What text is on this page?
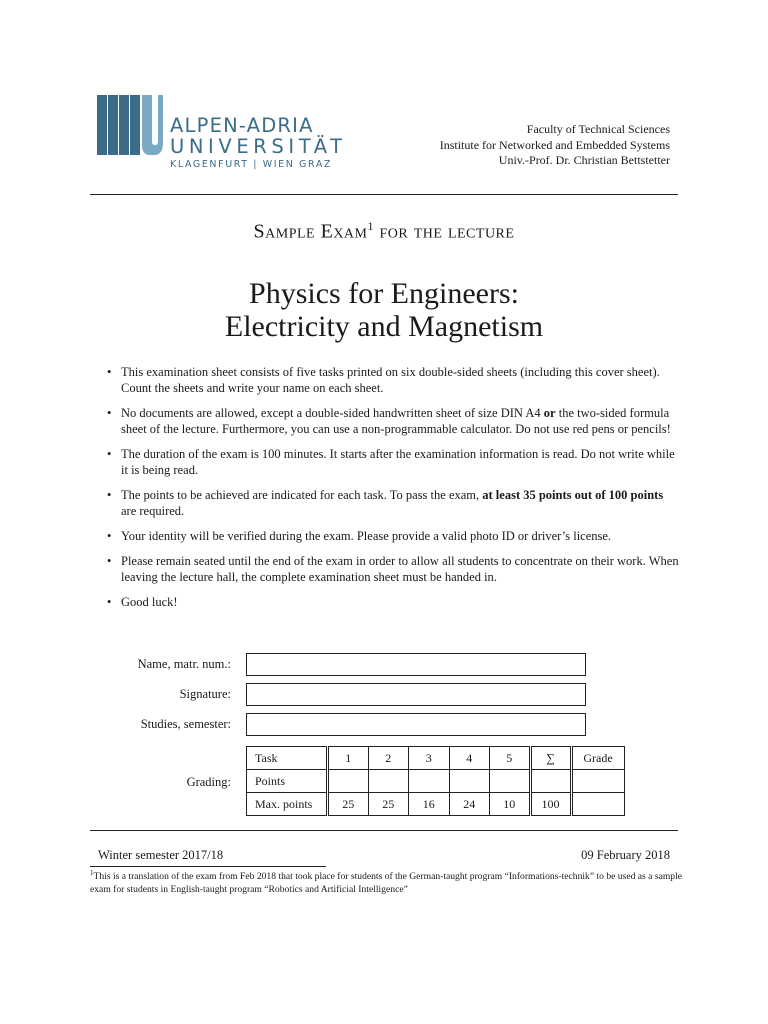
ALPEN-ADRIA
UNIVERSITÄT
KLAGENFURT | WIEN GRAZ
Faculty of Technical Sciences
Institute for Networked and Embedded Systems
Univ.-Prof. Dr. Christian Bettstetter
Sample Exam$^1$ for the lecture
Physics for Engineers:
Electricity and Magnetism
• This examination sheet consists of five tasks printed on six double-sided sheets (including this cover sheet). Count the sheets and write your name on each sheet.
• No documents are allowed, except a double-sided handwritten sheet of size DIN A4 or the two-sided formula sheet of the lecture. Furthermore, you can use a non-programmable calculator. Do not use red pens or pencils!
• The duration of the exam is 100 minutes. It starts after the examination information is read. Do not write while it is being read.
• The points to be achieved are indicated for each task. To pass the exam, at least 35 points out of 100 points are required.
• Your identity will be verified during the exam. Please provide a valid photo ID or driver’s license.
• Please remain seated until the end of the exam in order to allow all students to concentrate on their work. When leaving the lecture hall, the complete examination sheet must be handed in.
• Good luck!
Name, matr. num.:
Signature:
Studies, semester:
Grading:
Task	1	2	3	4	5	∑	Grade
Points							
Max. points	25	25	16	24	10	100	
Winter semester 2017/18	09 February 2018
$^1$This is a translation of the exam from Feb 2018 that took place for students of the German-taught program “Informations-technik” to be used as a sample exam for students in English-taught program “Robotics and Artificial Intelligence”
